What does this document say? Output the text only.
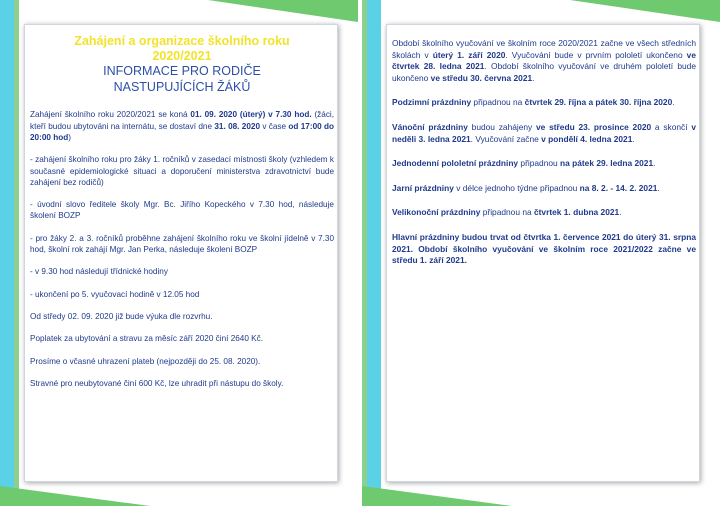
Zahájení a organizace školního roku
2020/2021
INFORMACE PRO RODIČE
NASTUPUJÍCÍCH ŽÁKŮ

Zahájení školního roku 2020/2021 se koná 01. 09. 2020 (úterý) v 7.30 hod. (žáci, kteří budou ubytováni na internátu, se dostaví dne 31. 08. 2020 v čase od 17:00 do 20:00 hod)

- zahájení školního roku pro žáky 1. ročníků v zasedací místnosti školy (vzhledem k současné epidemiologické situaci a doporučení ministerstva zdravotnictví bude zahájení bez rodičů)

- úvodní slovo ředitele školy Mgr. Bc. Jiřího Kopeckého v 7.30 hod, následuje školení BOZP

- pro žáky 2. a 3. ročníků proběhne zahájení školního roku ve školní jídelně v 7.30 hod, školní rok zahájí Mgr. Jan Perka, následuje školení BOZP

- v 9.30 hod následují třídnické hodiny

- ukončení po 5. vyučovací hodině v 12.05 hod

Od středy 02. 09. 2020 již bude výuka dle rozvrhu.

Poplatek za ubytování a stravu za měsíc září 2020 činí 2640 Kč.

Prosíme o včasné uhrazení plateb (nejpozději do 25. 08. 2020).

Stravné pro neubytované činí 600 Kč, lze uhradit při nástupu do školy.

Období školního vyučování ve školním roce 2020/2021 začne ve všech středních školách v úterý 1. září 2020. Vyučování bude v prvním pololetí ukončeno ve čtvrtek 28. ledna 2021. Období školního vyučování ve druhém pololetí bude ukončeno ve středu 30. června 2021.

Podzimní prázdniny připadnou na čtvrtek 29. října a pátek 30. října 2020.

Vánoční prázdniny budou zahájeny ve středu 23. prosince 2020 a skončí v neděli 3. ledna 2021. Vyučování začne v pondělí 4. ledna 2021.

Jednodenní pololetní prázdniny připadnou na pátek 29. ledna 2021.

Jarní prázdniny v délce jednoho týdne připadnou na 8. 2. - 14. 2. 2021.

Velikonoční prázdniny připadnou na čtvrtek 1. dubna 2021.

Hlavní prázdniny budou trvat od čtvrtka 1. července 2021 do úterý 31. srpna 2021. Období školního vyučování ve školním roce 2021/2022 začne ve středu 1. září 2021.
